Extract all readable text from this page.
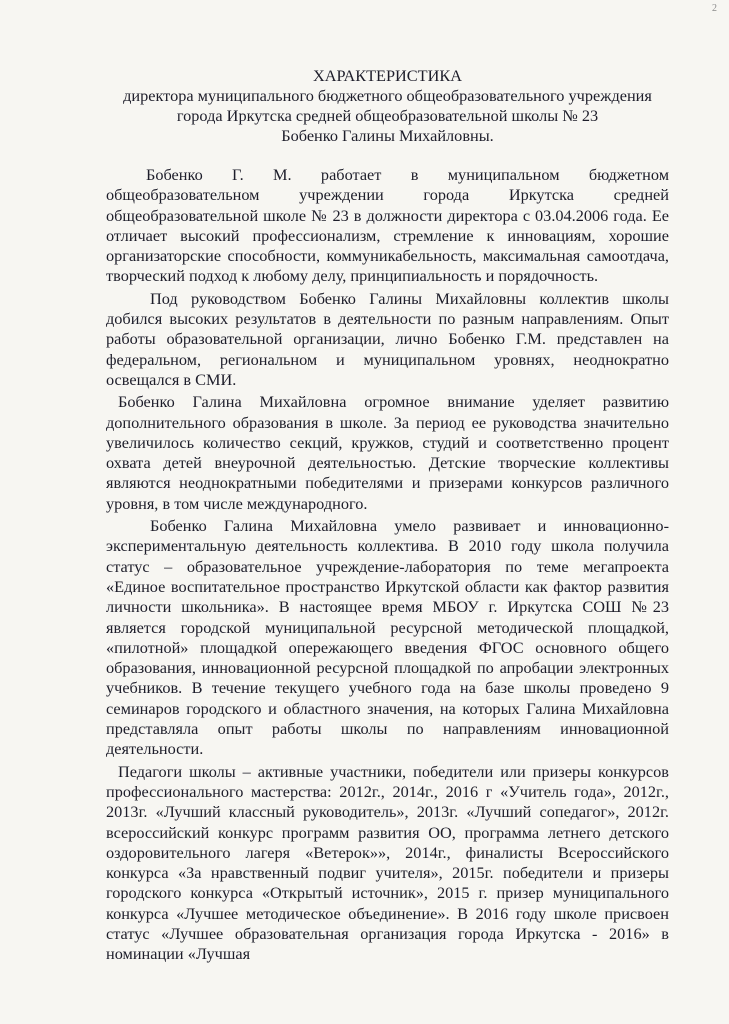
2
ХАРАКТЕРИСТИКА
директора муниципального бюджетного общеобразовательного учреждения
города Иркутска средней общеобразовательной школы № 23
Бобенко Галины Михайловны.

Бобенко Г. М. работает в муниципальном бюджетном общеобразовательном учреждении города Иркутска средней общеобразовательной школе № 23 в должности директора с 03.04.2006 года. Ее отличает высокий профессионализм, стремление к инновациям, хорошие организаторские способности, коммуникабельность, максимальная самоотдача, творческий подход к любому делу, принципиальность и порядочность.

Под руководством Бобенко Галины Михайловны коллектив школы добился высоких результатов в деятельности по разным направлениям. Опыт работы образовательной организации, лично Бобенко Г.М. представлен на федеральном, региональном и муниципальном уровнях, неоднократно освещался в СМИ.

Бобенко Галина Михайловна огромное внимание уделяет развитию дополнительного образования в школе. За период ее руководства значительно увеличилось количество секций, кружков, студий и соответственно процент охвата детей внеурочной деятельностью. Детские творческие коллективы являются неоднократными победителями и призерами конкурсов различного уровня, в том числе международного.

Бобенко Галина Михайловна умело развивает и инновационно-экспериментальную деятельность коллектива. В 2010 году школа получила статус – образовательное учреждение-лаборатория по теме мегапроекта «Единое воспитательное пространство Иркутской области как фактор развития личности школьника». В настоящее время МБОУ г. Иркутска СОШ №23 является городской муниципальной ресурсной методической площадкой, «пилотной» площадкой опережающего введения ФГОС основного общего образования, инновационной ресурсной площадкой по апробации электронных учебников. В течение текущего учебного года на базе школы проведено 9 семинаров городского и областного значения, на которых Галина Михайловна представляла опыт работы школы по направлениям инновационной деятельности.

Педагоги школы – активные участники, победители или призеры конкурсов профессионального мастерства: 2012г., 2014г., 2016 г «Учитель года», 2012г., 2013г. «Лучший классный руководитель», 2013г. «Лучший сопедагог», 2012г. всероссийский конкурс программ развития ОО, программа летнего детского оздоровительного лагеря «Ветерок»», 2014г., финалисты Всероссийского конкурса «За нравственный подвиг учителя», 2015г. победители и призеры городского конкурса «Открытый источник», 2015 г. призер муниципального конкурса «Лучшее методическое объединение». В 2016 году школе присвоен статус «Лучшее образовательная организация города Иркутска - 2016» в номинации «Лучшая
